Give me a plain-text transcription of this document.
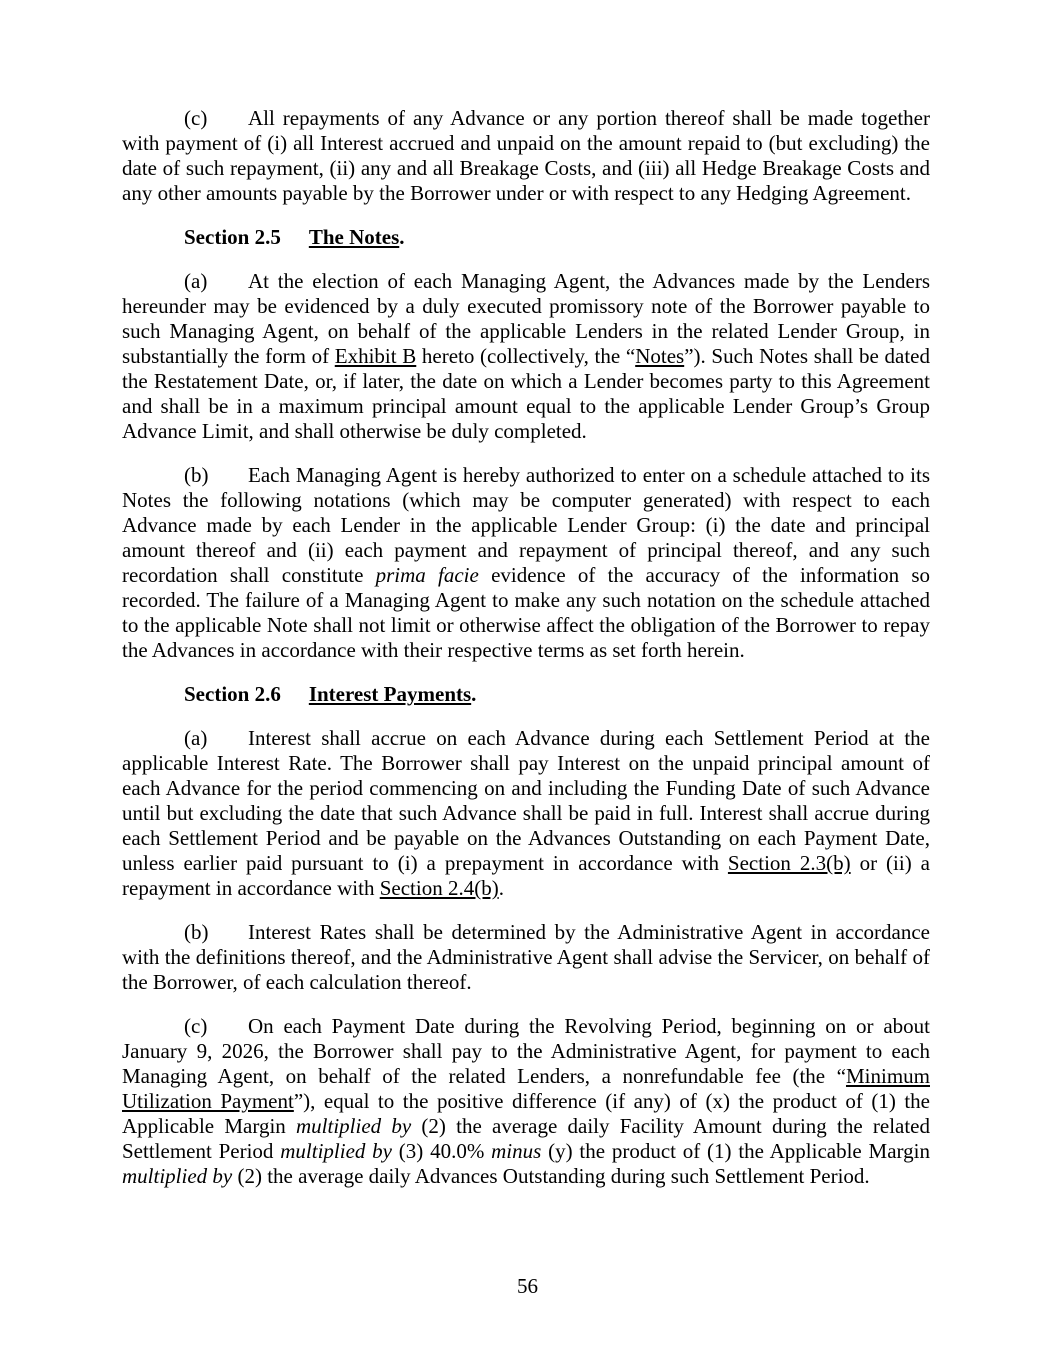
(c) All repayments of any Advance or any portion thereof shall be made together with payment of (i) all Interest accrued and unpaid on the amount repaid to (but excluding) the date of such repayment, (ii) any and all Breakage Costs, and (iii) all Hedge Breakage Costs and any other amounts payable by the Borrower under or with respect to any Hedging Agreement.

Section 2.5 The Notes.

(a) At the election of each Managing Agent, the Advances made by the Lenders hereunder may be evidenced by a duly executed promissory note of the Borrower payable to such Managing Agent, on behalf of the applicable Lenders in the related Lender Group, in substantially the form of Exhibit B hereto (collectively, the “Notes”). Such Notes shall be dated the Restatement Date, or, if later, the date on which a Lender becomes party to this Agreement and shall be in a maximum principal amount equal to the applicable Lender Group’s Group Advance Limit, and shall otherwise be duly completed.

(b) Each Managing Agent is hereby authorized to enter on a schedule attached to its Notes the following notations (which may be computer generated) with respect to each Advance made by each Lender in the applicable Lender Group: (i) the date and principal amount thereof and (ii) each payment and repayment of principal thereof, and any such recordation shall constitute prima facie evidence of the accuracy of the information so recorded. The failure of a Managing Agent to make any such notation on the schedule attached to the applicable Note shall not limit or otherwise affect the obligation of the Borrower to repay the Advances in accordance with their respective terms as set forth herein.

Section 2.6 Interest Payments.

(a) Interest shall accrue on each Advance during each Settlement Period at the applicable Interest Rate. The Borrower shall pay Interest on the unpaid principal amount of each Advance for the period commencing on and including the Funding Date of such Advance until but excluding the date that such Advance shall be paid in full. Interest shall accrue during each Settlement Period and be payable on the Advances Outstanding on each Payment Date, unless earlier paid pursuant to (i) a prepayment in accordance with Section 2.3(b) or (ii) a repayment in accordance with Section 2.4(b).

(b) Interest Rates shall be determined by the Administrative Agent in accordance with the definitions thereof, and the Administrative Agent shall advise the Servicer, on behalf of the Borrower, of each calculation thereof.

(c) On each Payment Date during the Revolving Period, beginning on or about January 9, 2026, the Borrower shall pay to the Administrative Agent, for payment to each Managing Agent, on behalf of the related Lenders, a nonrefundable fee (the “Minimum Utilization Payment”), equal to the positive difference (if any) of (x) the product of (1) the Applicable Margin multiplied by (2) the average daily Facility Amount during the related Settlement Period multiplied by (3) 40.0% minus (y) the product of (1) the Applicable Margin multiplied by (2) the average daily Advances Outstanding during such Settlement Period.

56
